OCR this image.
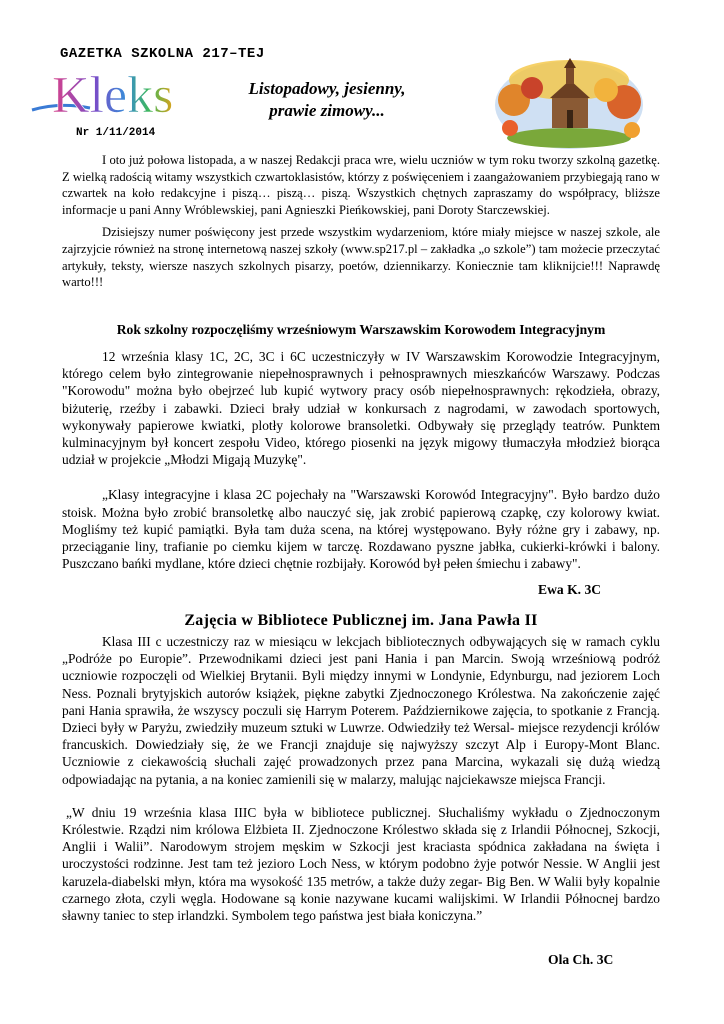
GAZETKA SZKOLNA 217–TEJ
Kleks	Listopadowy, jesienny,
prawie zimowy...
Nr 1/11/2014

I oto już połowa listopada, a w naszej Redakcji praca wre, wielu uczniów w tym roku tworzy szkolną gazetkę. Z wielką radością witamy wszystkich czwartoklasistów, którzy z poświęceniem i zaangażowaniem przybiegają rano w czwartek na koło redakcyjne i piszą… piszą… piszą. Wszystkich chętnych zapraszamy do współpracy, bliższe informacje u pani Anny Wróblewskiej, pani Agnieszki Pieńkowskiej, pani Doroty Starczewskiej.

Dzisiejszy numer poświęcony jest przede wszystkim wydarzeniom, które miały miejsce w naszej szkole, ale zajrzyjcie również na stronę internetową naszej szkoły (www.sp217.pl – zakładka „o szkole”) tam możecie przeczytać artykuły, teksty, wiersze naszych szkolnych pisarzy, poetów, dziennikarzy. Koniecznie tam kliknijcie!!! Naprawdę warto!!!

Rok szkolny rozpoczęliśmy wrześniowym Warszawskim Korowodem Integracyjnym

12 września klasy 1C, 2C, 3C i 6C uczestniczyły w IV Warszawskim Korowodzie Integracyjnym, którego celem było zintegrowanie niepełnosprawnych i pełnosprawnych mieszkańców Warszawy. Podczas "Korowodu" można było obejrzeć lub kupić wytwory pracy osób niepełnosprawnych: rękodzieła, obrazy, biżuterię, rzeźby i zabawki. Dzieci brały udział w konkursach z nagrodami, w zawodach sportowych, wykonywały papierowe kwiatki, plotły kolorowe bransoletki. Odbywały się przeglądy teatrów. Punktem kulminacyjnym był koncert zespołu Video, którego piosenki na język migowy tłumaczyła młodzież biorąca udział w projekcie „Młodzi Migają Muzykę".

„Klasy integracyjne i klasa 2C pojechały na "Warszawski Korowód Integracyjny". Było bardzo dużo stoisk. Można było zrobić bransoletkę albo nauczyć się, jak zrobić papierową czapkę, czy kolorowy kwiat. Mogliśmy też kupić pamiątki. Była tam duża scena, na której występowano. Były różne gry i zabawy, np. przeciąganie liny, trafianie po ciemku kijem w tarczę. Rozdawano pyszne jabłka, cukierki-krówki i balony. Puszczano bańki mydlane, które dzieci chętnie rozbijały. Korowód był pełen śmiechu i zabawy".

Ewa K. 3C
Zajęcia w Bibliotece Publicznej im. Jana Pawła II

Klasa III c uczestniczy raz w miesiącu w lekcjach bibliotecznych odbywających się w ramach cyklu „Podróże po Europie”. Przewodnikami dzieci jest pani Hania i pan Marcin. Swoją wrześniową podróż uczniowie rozpoczęli od Wielkiej Brytanii. Byli między innymi w Londynie, Edynburgu, nad jeziorem Loch Ness. Poznali brytyjskich autorów książek, piękne zabytki Zjednoczonego Królestwa. Na zakończenie zajęć pani Hania sprawiła, że wszyscy poczuli się Harrym Poterem. Październikowe zajęcia, to spotkanie z Francją. Dzieci były w Paryżu, zwiedziły muzeum sztuki w Luwrze. Odwiedziły też Wersal- miejsce rezydencji królów francuskich. Dowiedziały się, że we Francji znajduje się najwyższy szczyt Alp i Europy-Mont Blanc. Uczniowie z ciekawością słuchali zajęć prowadzonych przez pana Marcina, wykazali się dużą wiedzą odpowiadając na pytania, a na koniec zamienili się w malarzy, malując najciekawsze miejsca Francji.

„W dniu 19 września klasa IIIC była w bibliotece publicznej. Słuchaliśmy wykładu o Zjednoczonym Królestwie. Rządzi nim królowa Elżbieta II. Zjednoczone Królestwo składa się z Irlandii Północnej, Szkocji, Anglii i Walii”. Narodowym strojem męskim w Szkocji jest kraciasta spódnica zakładana na święta i uroczystości rodzinne. Jest tam też jezioro Loch Ness, w którym podobno żyje potwór Nessie. W Anglii jest karuzela-diabelski młyn, która ma wysokość 135 metrów, a także duży zegar- Big Ben. W Walii były kopalnie czarnego złota, czyli węgla. Hodowane są konie nazywane kucami walijskimi. W Irlandii Północnej bardzo sławny taniec to step irlandzki. Symbolem tego państwa jest biała koniczyna.”

Ola Ch. 3C
